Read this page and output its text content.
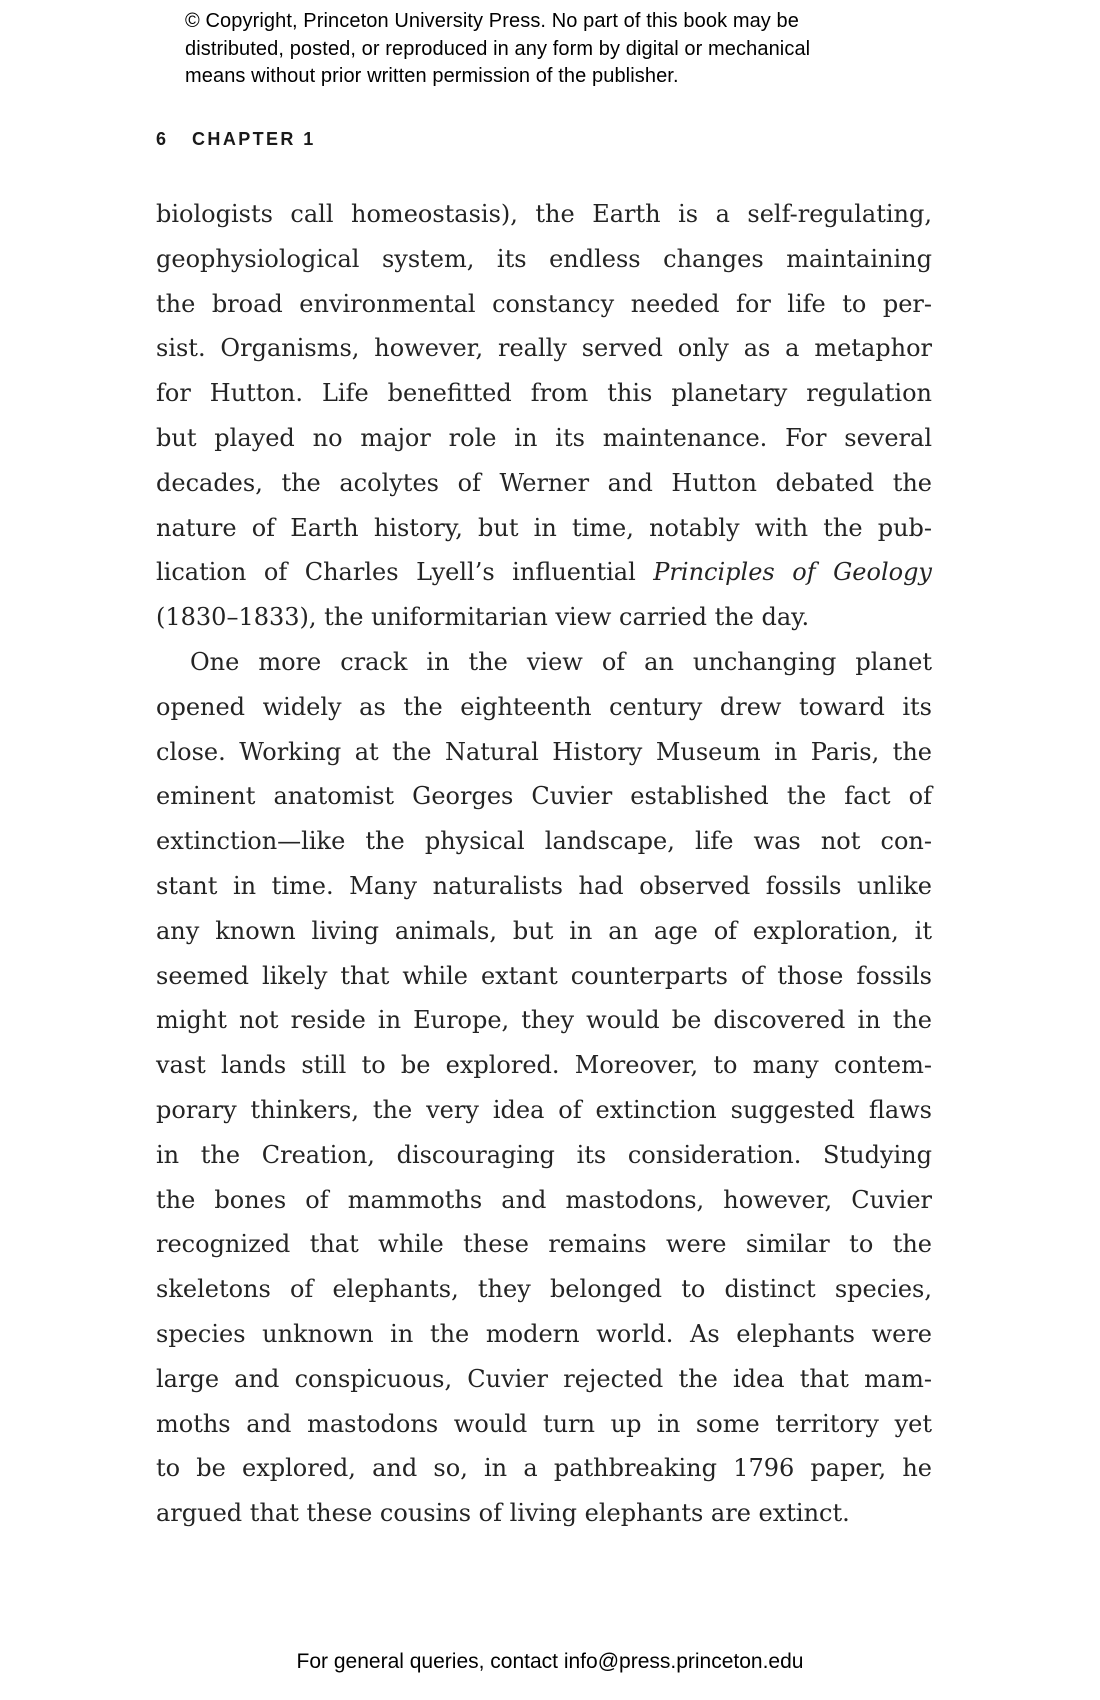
© Copyright, Princeton University Press. No part of this book may be
distributed, posted, or reproduced in any form by digital or mechanical
means without prior written permission of the publisher.
6 CHAPTER 1
biologists call homeostasis), the Earth is a self-regulating,
geophysiological system, its endless changes maintaining
the broad environmental constancy needed for life to per-
sist. Organisms, however, really served only as a metaphor
for Hutton. Life benefitted from this planetary regulation
but played no major role in its maintenance. For several
decades, the acolytes of Werner and Hutton debated the
nature of Earth history, but in time, notably with the pub-
lication of Charles Lyell’s influential Principles of Geology
(1830–1833), the uniformitarian view carried the day.
One more crack in the view of an unchanging planet
opened widely as the eighteenth century drew toward its
close. Working at the Natural History Museum in Paris, the
eminent anatomist Georges Cuvier established the fact of
extinction—like the physical landscape, life was not con-
stant in time. Many naturalists had observed fossils unlike
any known living animals, but in an age of exploration, it
seemed likely that while extant counterparts of those fossils
might not reside in Europe, they would be discovered in the
vast lands still to be explored. Moreover, to many contem-
porary thinkers, the very idea of extinction suggested flaws
in the Creation, discouraging its consideration. Studying
the bones of mammoths and mastodons, however, Cuvier
recognized that while these remains were similar to the
skeletons of elephants, they belonged to distinct species,
species unknown in the modern world. As elephants were
large and conspicuous, Cuvier rejected the idea that mam-
moths and mastodons would turn up in some territory yet
to be explored, and so, in a pathbreaking 1796 paper, he
argued that these cousins of living elephants are extinct.
For general queries, contact info@press.princeton.edu
